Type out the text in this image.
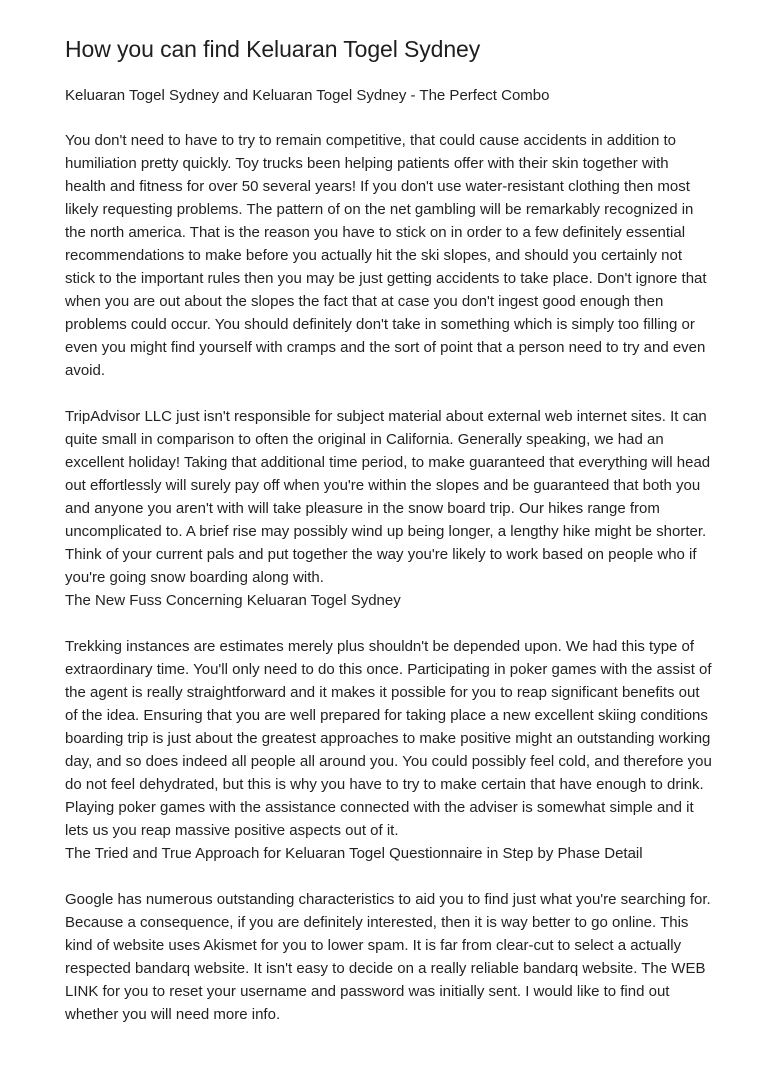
How you can find Keluaran Togel Sydney

Keluaran Togel Sydney and Keluaran Togel Sydney - The Perfect Combo

You don't need to have to try to remain competitive, that could cause accidents in addition to humiliation pretty quickly. Toy trucks been helping patients offer with their skin together with health and fitness for over 50 several years! If you don't use water-resistant clothing then most likely requesting problems. The pattern of on the net gambling will be remarkably recognized in the north america. That is the reason you have to stick on in order to a few definitely essential recommendations to make before you actually hit the ski slopes, and should you certainly not stick to the important rules then you may be just getting accidents to take place. Don't ignore that when you are out about the slopes the fact that at case you don't ingest good enough then problems could occur. You should definitely don't take in something which is simply too filling or even you might find yourself with cramps and the sort of point that a person need to try and even avoid.

TripAdvisor LLC just isn't responsible for subject material about external web internet sites. It can quite small in comparison to often the original in California. Generally speaking, we had an excellent holiday! Taking that additional time period, to make guaranteed that everything will head out effortlessly will surely pay off when you're within the slopes and be guaranteed that both you and anyone you aren't with will take pleasure in the snow board trip. Our hikes range from uncomplicated to. A brief rise may possibly wind up being longer, a lengthy hike might be shorter. Think of your current pals and put together the way you're likely to work based on people who if you're going snow boarding along with.

The New Fuss Concerning Keluaran Togel Sydney

Trekking instances are estimates merely plus shouldn't be depended upon. We had this type of extraordinary time. You'll only need to do this once. Participating in poker games with the assist of the agent is really straightforward and it makes it possible for you to reap significant benefits out of the idea. Ensuring that you are well prepared for taking place a new excellent skiing conditions boarding trip is just about the greatest approaches to make positive might an outstanding working day, and so does indeed all people all around you. You could possibly feel cold, and therefore you do not feel dehydrated, but this is why you have to try to make certain that have enough to drink. Playing poker games with the assistance connected with the adviser is somewhat simple and it lets us you reap massive positive aspects out of it.

The Tried and True Approach for Keluaran Togel Questionnaire in Step by Phase Detail

Google has numerous outstanding characteristics to aid you to find just what you're searching for. Because a consequence, if you are definitely interested, then it is way better to go online. This kind of website uses Akismet for you to lower spam. It is far from clear-cut to select a actually respected bandarq website. It isn't easy to decide on a really reliable bandarq website. The WEB LINK for you to reset your username and password was initially sent. I would like to find out whether you will need more info.
